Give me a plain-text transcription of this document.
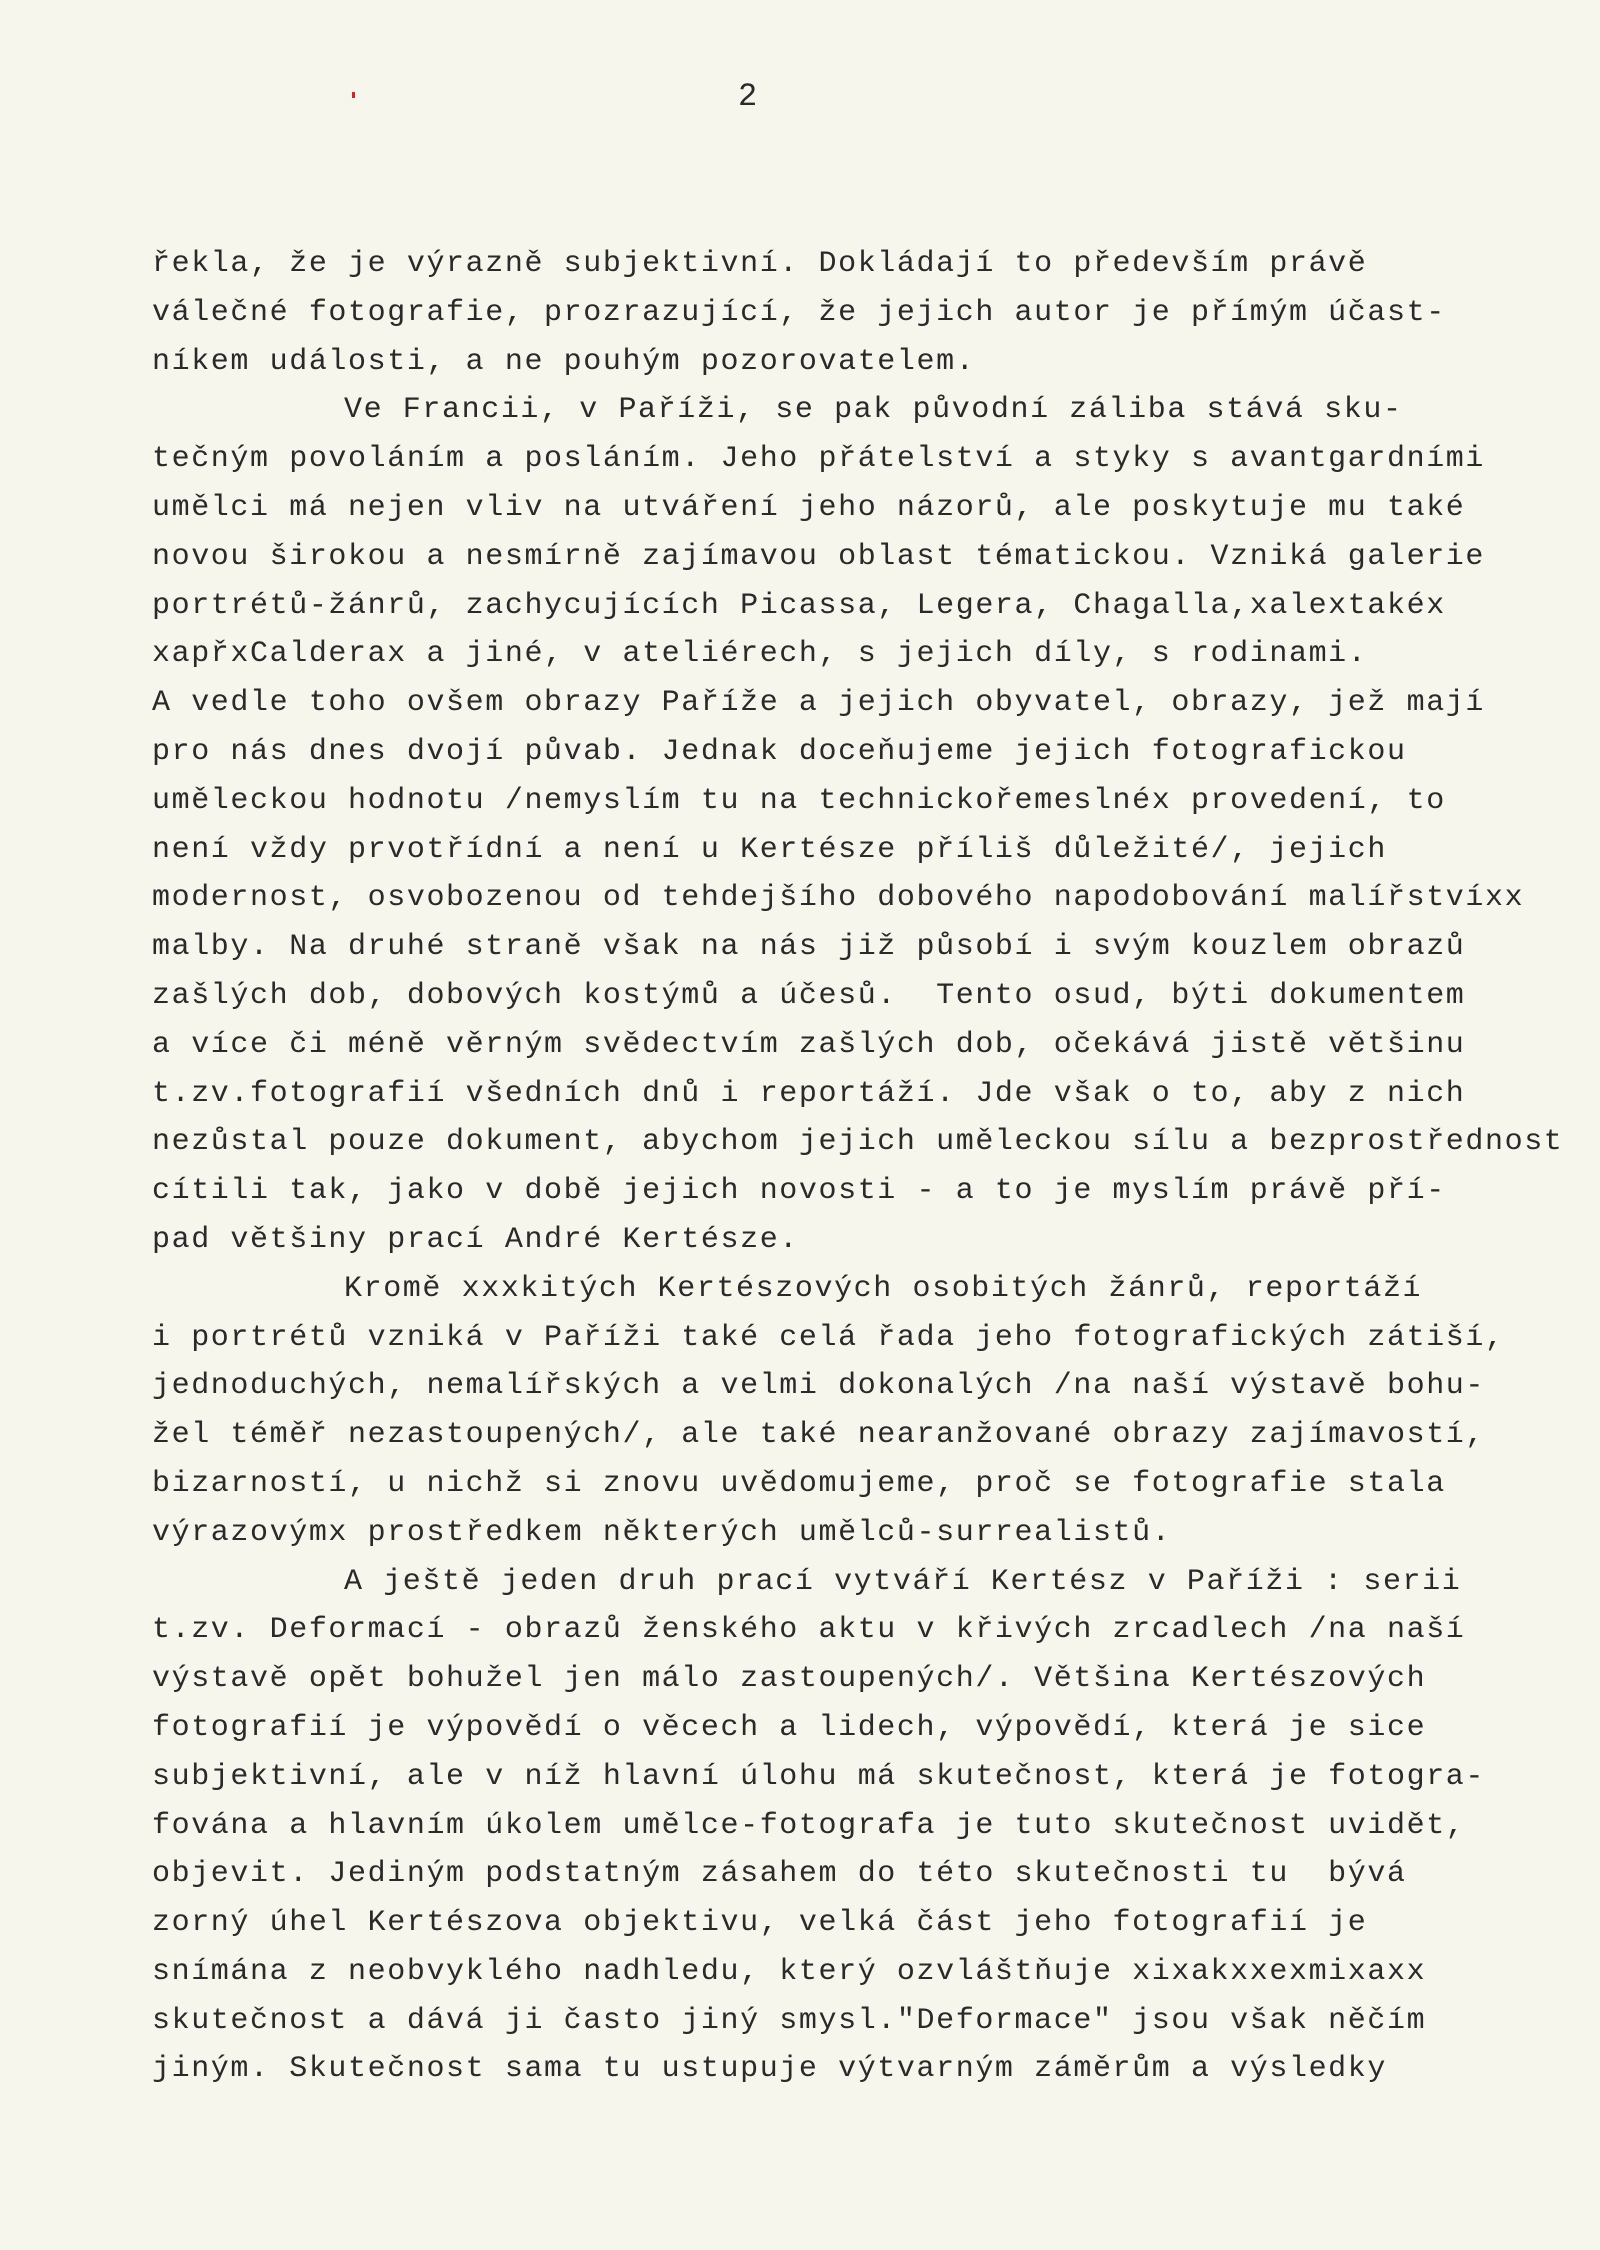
2
řekla, že je výrazně subjektivní. Dokládají to především právě
válečné fotografie, prozrazující, že jejich autor je přímým účast-
níkem události, a ne pouhým pozorovatelem.
Ve Francii, v Paříži, se pak původní záliba stává sku-
tečným povoláním a posláním. Jeho přátelství a styky s avantgardními
umělci má nejen vliv na utváření jeho názorů, ale poskytuje mu také
novou širokou a nesmírně zajímavou oblast tématickou. Vzniká galerie
portrétů-žánrů, zachycujících Picassa, Legera, Chagalla,xalextakéx
xapřxCalderax a jiné, v ateliérech, s jejich díly, s rodinami.
A vedle toho ovšem obrazy Paříže a jejich obyvatel, obrazy, jež mají
pro nás dnes dvojí půvab. Jednak doceňujeme jejich fotografickou
uměleckou hodnotu /nemyslím tu na technickořemeslnéx provedení, to
není vždy prvotřídní a není u Kertésze příliš důležité/, jejich
modernost, osvobozenou od tehdejšího dobového napodobování malířstvíxx
malby. Na druhé straně však na nás již působí i svým kouzlem obrazů
zašlých dob, dobových kostýmů a účesů.  Tento osud, býti dokumentem
a více či méně věrným svědectvím zašlých dob, očekává jistě většinu
t.zv.fotografií všedních dnů i reportáží. Jde však o to, aby z nich
nezůstal pouze dokument, abychom jejich uměleckou sílu a bezprostřednost
cítili tak, jako v době jejich novosti - a to je myslím právě pří-
pad většiny prací André Kertésze.
Kromě xxxkitých Kertészových osobitých žánrů, reportáží
i portrétů vzniká v Paříži také celá řada jeho fotografických zátiší,
jednoduchých, nemalířských a velmi dokonalých /na naší výstavě bohu-
žel téměř nezastoupených/, ale také nearanžované obrazy zajímavostí,
bizarností, u nichž si znovu uvědomujeme, proč se fotografie stala
výrazovýmx prostředkem některých umělců-surrealistů.
A ještě jeden druh prací vytváří Kertész v Paříži : serii
t.zv. Deformací - obrazů ženského aktu v křivých zrcadlech /na naší
výstavě opět bohužel jen málo zastoupených/. Většina Kertészových
fotografií je výpovědí o věcech a lidech, výpovědí, která je sice
subjektivní, ale v níž hlavní úlohu má skutečnost, která je fotogra-
fována a hlavním úkolem umělce-fotografa je tuto skutečnost uvidět,
objevit. Jediným podstatným zásahem do této skutečnosti tu  bývá
zorný úhel Kertészova objektivu, velká část jeho fotografií je
snímána z neobvyklého nadhledu, který ozvláštňuje xixakxxexmixaxx
skutečnost a dává ji často jiný smysl."Deformace" jsou však něčím
jiným. Skutečnost sama tu ustupuje výtvarným záměrům a výsledky
